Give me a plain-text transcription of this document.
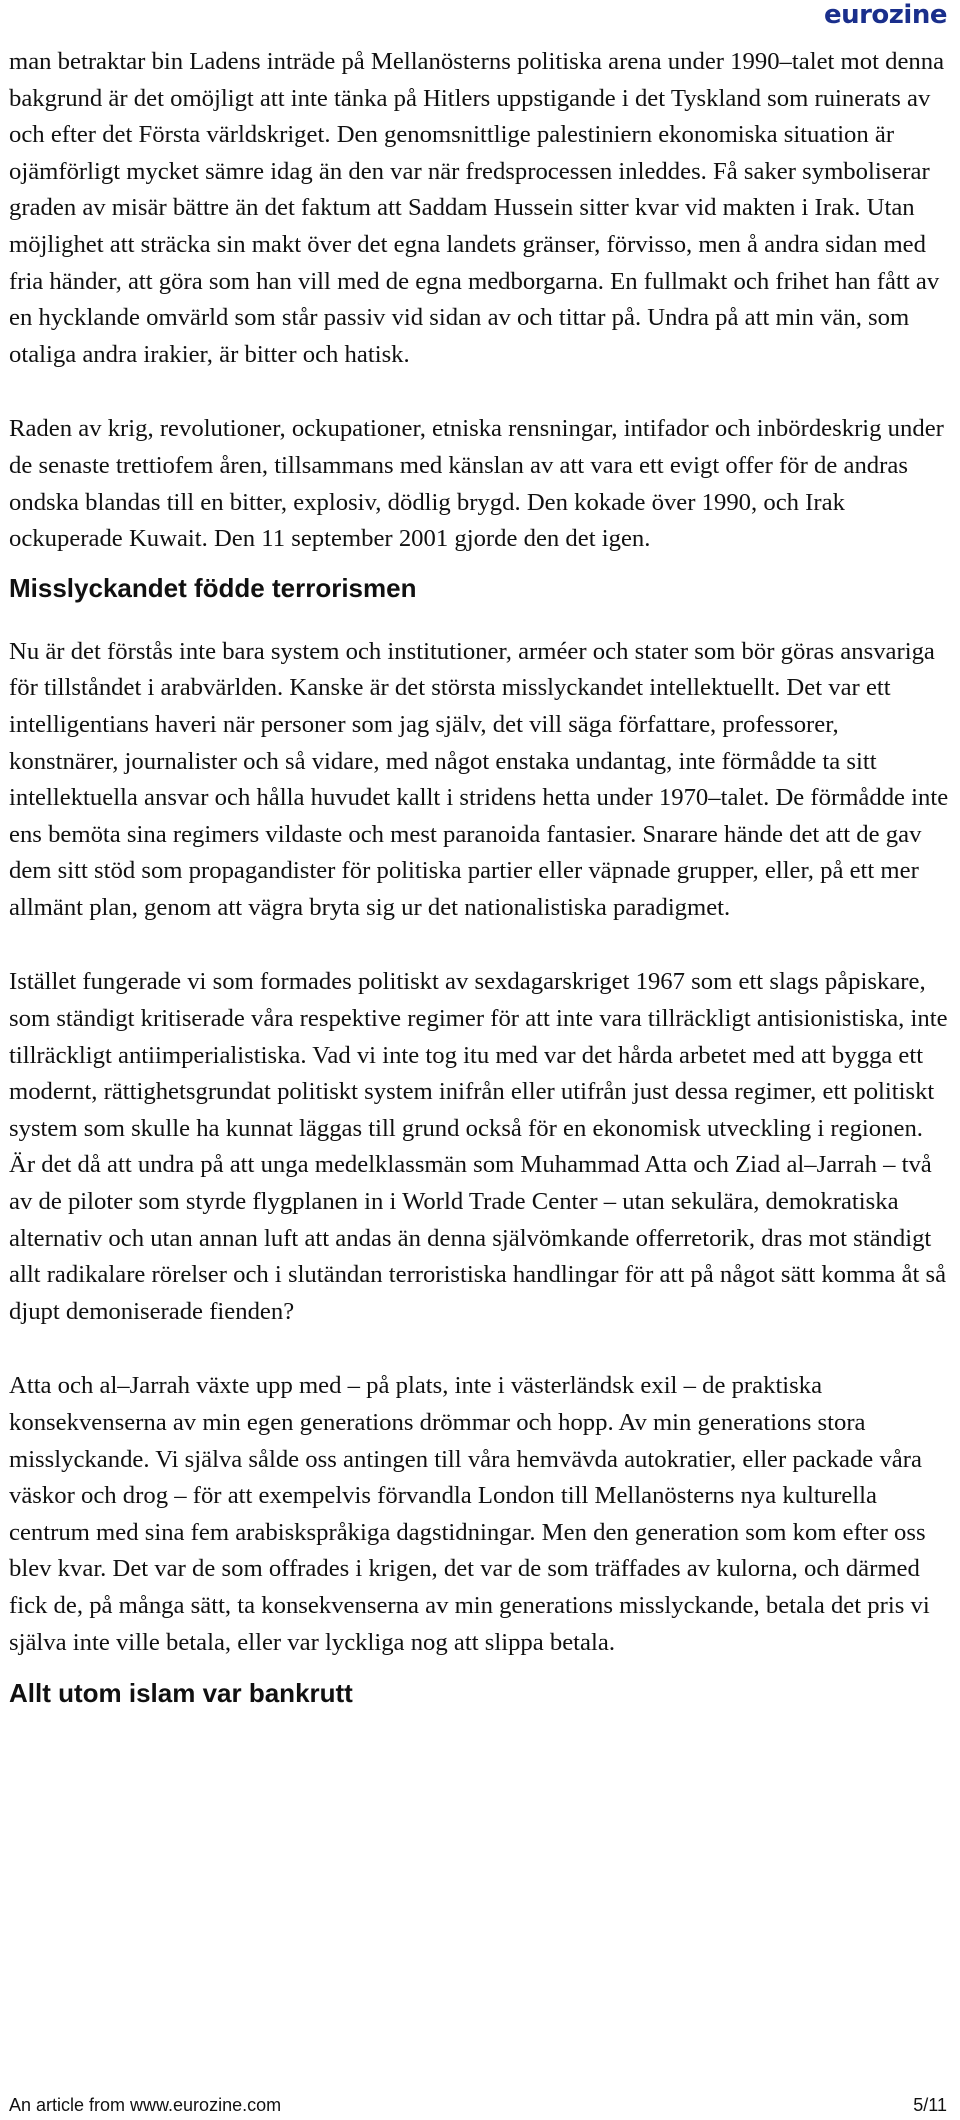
eurozine

man betraktar bin Ladens inträde på Mellanösterns politiska arena under 1990–talet mot denna bakgrund är det omöjligt att inte tänka på Hitlers uppstigande i det Tyskland som ruinerats av och efter det Första världskriget. Den genomsnittlige palestiniern ekonomiska situation är ojämförligt mycket sämre idag än den var när fredsprocessen inleddes. Få saker symboliserar graden av misär bättre än det faktum att Saddam Hussein sitter kvar vid makten i Irak. Utan möjlighet att sträcka sin makt över det egna landets gränser, förvisso, men å andra sidan med fria händer, att göra som han vill med de egna medborgarna. En fullmakt och frihet han fått av en hycklande omvärld som står passiv vid sidan av och tittar på. Undra på att min vän, som otaliga andra irakier, är bitter och hatisk.

Raden av krig, revolutioner, ockupationer, etniska rensningar, intifador och inbördeskrig under de senaste trettiofem åren, tillsammans med känslan av att vara ett evigt offer för de andras ondska blandas till en bitter, explosiv, dödlig brygd. Den kokade över 1990, och Irak ockuperade Kuwait. Den 11 september 2001 gjorde den det igen.

Misslyckandet födde terrorismen

Nu är det förstås inte bara system och institutioner, arméer och stater som bör göras ansvariga för tillståndet i arabvärlden. Kanske är det största misslyckandet intellektuellt. Det var ett intelligentians haveri när personer som jag själv, det vill säga författare, professorer, konstnärer, journalister och så vidare, med något enstaka undantag, inte förmådde ta sitt intellektuella ansvar och hålla huvudet kallt i stridens hetta under 1970–talet. De förmådde inte ens bemöta sina regimers vildaste och mest paranoida fantasier. Snarare hände det att de gav dem sitt stöd som propagandister för politiska partier eller väpnade grupper, eller, på ett mer allmänt plan, genom att vägra bryta sig ur det nationalistiska paradigmet.

Istället fungerade vi som formades politiskt av sexdagarskriget 1967 som ett slags påpiskare, som ständigt kritiserade våra respektive regimer för att inte vara tillräckligt antisionistiska, inte tillräckligt antiimperialistiska. Vad vi inte tog itu med var det hårda arbetet med att bygga ett modernt, rättighetsgrundat politiskt system inifrån eller utifrån just dessa regimer, ett politiskt system som skulle ha kunnat läggas till grund också för en ekonomisk utveckling i regionen. Är det då att undra på att unga medelklassmän som Muhammad Atta och Ziad al–Jarrah – två av de piloter som styrde flygplanen in i World Trade Center – utan sekulära, demokratiska alternativ och utan annan luft att andas än denna självömkande offerretorik, dras mot ständigt allt radikalare rörelser och i slutändan terroristiska handlingar för att på något sätt komma åt så djupt demoniserade fienden?

Atta och al–Jarrah växte upp med – på plats, inte i västerländsk exil – de praktiska konsekvenserna av min egen generations drömmar och hopp. Av min generations stora misslyckande. Vi själva sålde oss antingen till våra hemvävda autokratier, eller packade våra väskor och drog – för att exempelvis förvandla London till Mellanösterns nya kulturella centrum med sina fem arabiskspråkiga dagstidningar. Men den generation som kom efter oss blev kvar. Det var de som offrades i krigen, det var de som träffades av kulorna, och därmed fick de, på många sätt, ta konsekvenserna av min generations misslyckande, betala det pris vi själva inte ville betala, eller var lyckliga nog att slippa betala.

Allt utom islam var bankrutt
An article from www.eurozine.com	5/11
